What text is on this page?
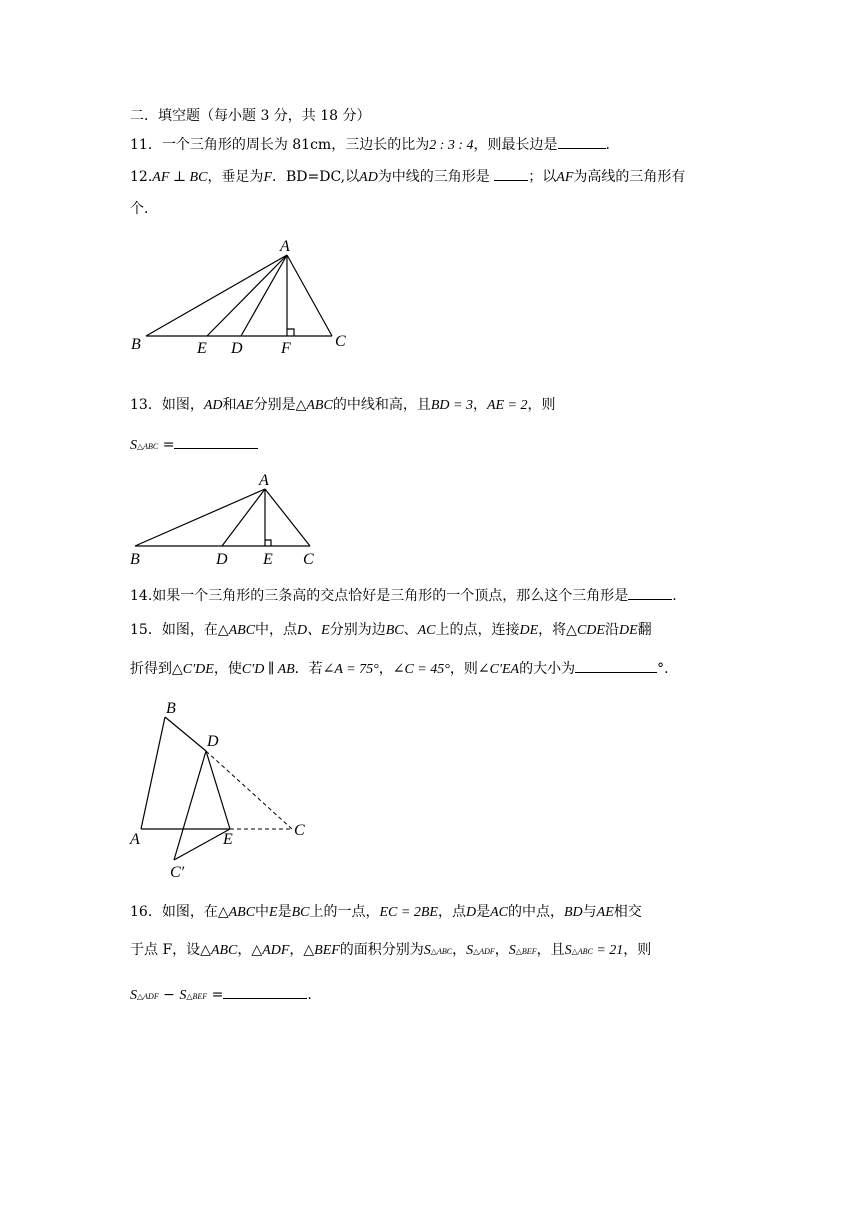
二．填空题（每小题 3 分，共 18 分）
11．一个三角形的周长为 81cm，三边长的比为2 : 3 : 4，则最长边是	.
12.AF ⊥ BC，垂足为F．BD=DC,以AD为中线的三角形是	；以AF为高线的三角形有
个．
A
B	E D F	C
13．如图，AD和AE分别是△ABC的中线和高，且BD = 3，AE = 2，则
S△ABC =
A
B	D E C
14.如果一个三角形的三条高的交点恰好是三角形的一个顶点，那么这个三角形是	.
15．如图，在△ABC中，点D、E分别为边BC、AC上的点，连接DE，将△CDE沿DE翻
折得到△C′DE，使C′D ∥ AB．若∠A = 75°，∠C = 45°，则∠C′EA的大小为	°．
B
D
A	E
C
C′
16．如图，在△ABC中E是BC上的一点，EC = 2BE，点D是AC的中点，BD与AE相交
于点 F，设△ABC，△ADF，△BEF的面积分别为S△ABC，S△ADF，S△BEF，且S△ABC = 21，则
S△ADF − S△BEF =	.
